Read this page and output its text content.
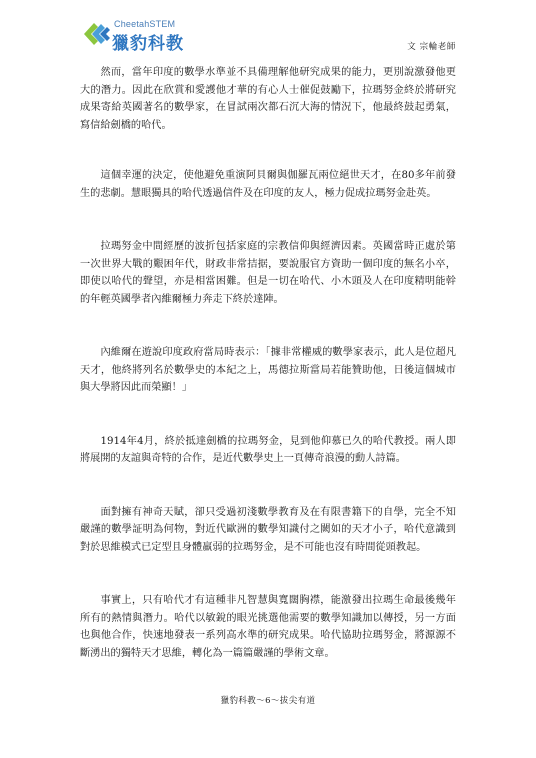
CheetahSTEM
獵豹科教	文 宗輪老師

然而，當年印度的數學水準並不具備理解他研究成果的能力，更別說激發他更大的潛力。因此在欣賞和愛護他才華的有心人士催促鼓勵下，拉瑪努金終於將研究成果寄給英國著名的數學家，在冒試兩次都石沉大海的情況下，他最終鼓起勇氣，寫信給劍橋的哈代。

這個幸運的決定，使他避免重演阿貝爾與伽羅瓦兩位絕世天才，在80多年前發生的悲劇。慧眼獨具的哈代透過信件及在印度的友人，極力促成拉瑪努金赴英。

拉瑪努金中間經歷的波折包括家庭的宗教信仰與經濟因素。英國當時正處於第一次世界大戰的艱困年代，財政非常拮据，要說服官方資助一個印度的無名小卒，即使以哈代的聲望，亦是相當困難。但是一切在哈代、小木頭及人在印度精明能幹的年輕英國學者內維爾極力奔走下終於達陣。

內維爾在遊說印度政府當局時表示：「據非常權威的數學家表示，此人是位超凡天才，他終將列名於數學史的本紀之上，馬德拉斯當局若能贊助他，日後這個城市與大學將因此而榮顯！」

1914年4月，終於抵達劍橋的拉瑪努金，見到他仰慕已久的哈代教授。兩人即將展開的友誼與奇特的合作，是近代數學史上一頁傳奇浪漫的動人詩篇。

面對擁有神奇天賦，卻只受過初淺數學教育及在有限書籍下的自學，完全不知嚴謹的數學証明為何物，對近代歐洲的數學知識付之闕如的天才小子，哈代意識到對於思維模式已定型且身體羸弱的拉瑪努金，是不可能也沒有時間從頭教起。

事實上，只有哈代才有這種非凡智慧與寬闊胸襟，能激發出拉瑪生命最後幾年所有的熱情與潛力。哈代以敏銳的眼光挑選他需要的數學知識加以傳授，另一方面也與他合作，快速地發表一系列高水準的研究成果。哈代協助拉瑪努金，將源源不斷湧出的獨特天才思維，轉化為一篇篇嚴謹的學術文章。

獵豹科教～6～拔尖有道
